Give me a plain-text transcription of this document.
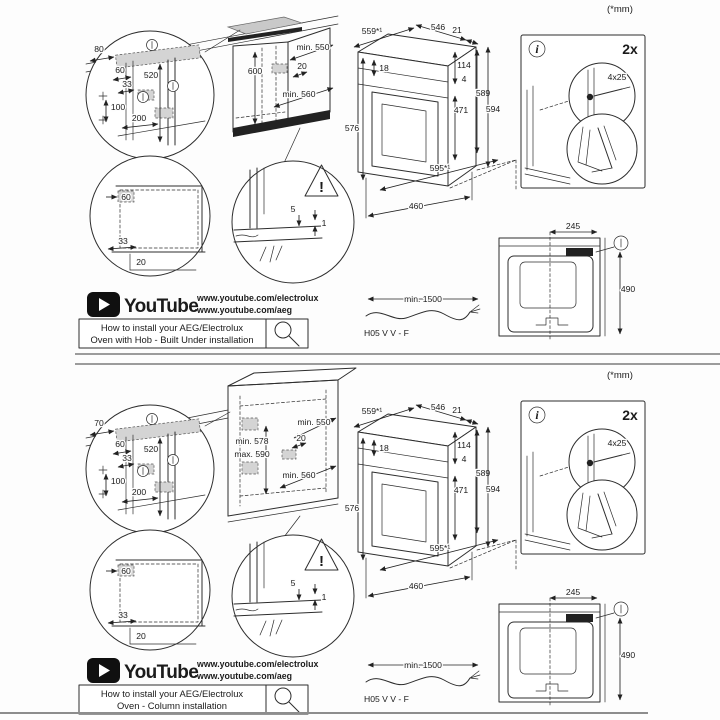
(*mm)
600
min. 550
20
min. 560
80
60 520
33
100
200
60
33
20
!
5
1
559*¹	546 21
18	114
4
589
594
471
576
595*¹
460
i	2x
4x25
245
490
min. 1500
H05 V V - F
YouTube
www.youtube.com/electrolux
www.youtube.com/aeg
How to install your AEG/Electrolux
Oven with Hob - Built Under installation
(*mm)
min. 578
max. 590
min. 550
20
min. 560
70
60 520
33
100
200
60
33
20
!
5
1
559*¹	546 21
18	114
4
589
594
471
576
595*¹
460
i	2x
4x25
245
490
min. 1500
H05 V V - F
YouTube
www.youtube.com/electrolux
www.youtube.com/aeg
How to install your AEG/Electrolux
Oven - Column installation
